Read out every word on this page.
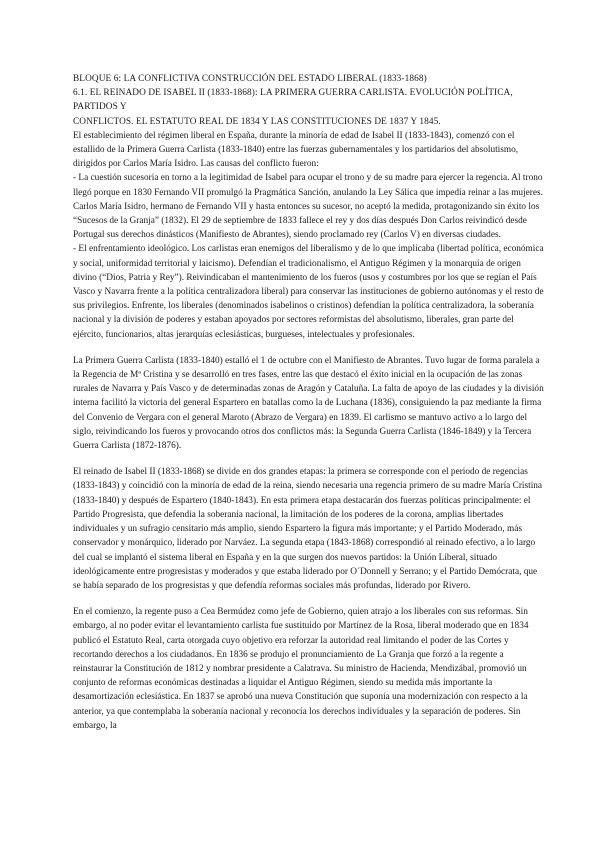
BLOQUE 6: LA CONFLICTIVA CONSTRUCCIÓN DEL ESTADO LIBERAL (1833-1868)
6.1. EL REINADO DE ISABEL II (1833-1868): LA PRIMERA GUERRA CARLISTA. EVOLUCIÓN POLÍTICA, PARTIDOS Y
CONFLICTOS. EL ESTATUTO REAL DE 1834 Y LAS CONSTITUCIONES DE 1837 Y 1845.

El establecimiento del régimen liberal en España, durante la minoría de edad de Isabel II (1833-1843), comenzó con el estallido de la Primera Guerra Carlista (1833-1840) entre las fuerzas gubernamentales y los partidarios del absolutismo, dirigidos por Carlos María Isidro. Las causas del conflicto fueron:

- La cuestión sucesoria en torno a la legitimidad de Isabel para ocupar el trono y de su madre para ejercer la regencia. Al trono llegó porque en 1830 Fernando VII promulgó la Pragmática Sanción, anulando la Ley Sálica que impedía reinar a las mujeres. Carlos María Isidro, hermano de Fernando VII y hasta entonces su sucesor, no aceptó la medida, protagonizando sin éxito los “Sucesos de la Granja” (1832). El 29 de septiembre de 1833 fallece el rey y dos días después Don Carlos reivindicó desde Portugal sus derechos dinásticos (Manifiesto de Abrantes), siendo proclamado rey (Carlos V) en diversas ciudades.

- El enfrentamiento ideológico. Los carlistas eran enemigos del liberalismo y de lo que implicaba (libertad política, económica y social, uniformidad territorial y laicismo). Defendían el tradicionalismo, el Antiguo Régimen y la monarquía de origen divino (“Dios, Patria y Rey”). Reivindicaban el mantenimiento de los fueros (usos y costumbres por los que se regían el País Vasco y Navarra frente a la política centralizadora liberal) para conservar las instituciones de gobierno autónomas y el resto de sus privilegios. Enfrente, los liberales (denominados isabelinos o cristinos) defendían la política centralizadora, la soberanía nacional y la división de poderes y estaban apoyados por sectores reformistas del absolutismo, liberales, gran parte del ejército, funcionarios, altas jerarquías eclesiásticas, burgueses, intelectuales y profesionales.

La Primera Guerra Carlista (1833-1840) estalló el 1 de octubre con el Manifiesto de Abrantes. Tuvo lugar de forma paralela a la Regencia de Mª Cristina y se desarrolló en tres fases, entre las que destacó el éxito inicial en la ocupación de las zonas rurales de Navarra y País Vasco y de determinadas zonas de Aragón y Cataluña. La falta de apoyo de las ciudades y la división interna facilitó la victoria del general Espartero en batallas como la de Luchana (1836), consiguiendo la paz mediante la firma del Convenio de Vergara con el general Maroto (Abrazo de Vergara) en 1839. El carlismo se mantuvo activo a lo largo del siglo, reivindicando los fueros y provocando otros dos conflictos más: la Segunda Guerra Carlista (1846-1849) y la Tercera Guerra Carlista (1872-1876).

El reinado de Isabel II (1833-1868) se divide en dos grandes etapas: la primera se corresponde con el periodo de regencias (1833-1843) y coincidió con la minoría de edad de la reina, siendo necesaria una regencia primero de su madre María Cristina (1833-1840) y después de Espartero (1840-1843). En esta primera etapa destacarán dos fuerzas políticas principalmente: el Partido Progresista, que defendía la soberanía nacional, la limitación de los poderes de la corona, amplias libertades individuales y un sufragio censitario más amplio, siendo Espartero la figura más importante; y el Partido Moderado, más conservador y monárquico, liderado por Narváez. La segunda etapa (1843-1868) correspondió al reinado efectivo, a lo largo del cual se implantó el sistema liberal en España y en la que surgen dos nuevos partidos: la Unión Liberal, situado ideológicamente entre progresistas y moderados y que estaba liderado por O´Donnell y Serrano; y el Partido Demócrata, que se había separado de los progresistas y que defendía reformas sociales más profundas, liderado por Rivero.

En el comienzo, la regente puso a Cea Bermúdez como jefe de Gobierno, quien atrajo a los liberales con sus reformas. Sin embargo, al no poder evitar el levantamiento carlista fue sustituido por Martínez de la Rosa, liberal moderado que en 1834 publicó el Estatuto Real, carta otorgada cuyo objetivo era reforzar la autoridad real limitando el poder de las Cortes y recortando derechos a los ciudadanos. En 1836 se produjo el pronunciamiento de La Granja que forzó a la regente a reinstaurar la Constitución de 1812 y nombrar presidente a Calatrava. Su ministro de Hacienda, Mendizábal, promovió un conjunto de reformas económicas destinadas a liquidar el Antiguo Régimen, siendo su medida más importante la desamortización eclesiástica. En 1837 se aprobó una nueva Constitución que suponía una modernización con respecto a la anterior, ya que contemplaba la soberanía nacional y reconocía los derechos individuales y la separación de poderes. Sin embargo, la
